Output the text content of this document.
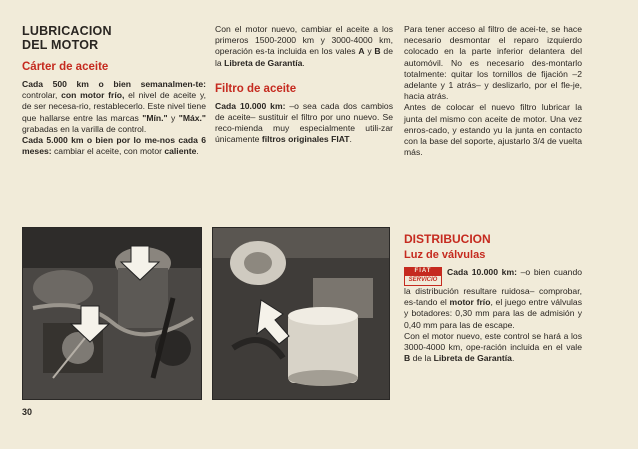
LUBRICACION
DEL MOTOR
Cárter de aceite

Cada 500 km o bien semanalmen-te: controlar, con motor frío, el nivel de aceite y, de ser necesa-rio, restablecerlo. Este nivel tiene que hallarse entre las marcas "Mín." y "Máx." grabadas en la varilla de control.

Cada 5.000 km o bien por lo me-nos cada 6 meses: cambiar el aceite, con motor caliente.

Con el motor nuevo, cambiar el aceite a los primeros 1500-2000 km y 3000-4000 km, operación es-ta incluida en los vales A y B de la Libreta de Garantía.

Filtro de aceite

Cada 10.000 km: –o sea cada dos cambios de aceite– sustituir el filtro por uno nuevo. Se reco-mienda muy especialmente utili-zar únicamente filtros originales FIAT.

Para tener acceso al filtro de acei-te, se hace necesario desmontar el reparo izquierdo colocado en la parte inferior delantera del automóvil. No es necesario des-montarlo totalmente: quitar los tornillos de fijación –2 adelante y 1 atrás– y deslizarlo, por el fle-je, hacia atrás.

Antes de colocar el nuevo filtro lubricar la junta del mismo con aceite de motor. Una vez enros-cado, y estando yu la junta en contacto con la base del soporte, ajustarlo 3/4 de vuelta más.

DISTRIBUCION
Luz de válvulas

FIAT
SERVICIO
Cada 10.000 km: –o bien cuando la distribución resultare ruidosa– comprobar, es-tando el motor frío, el juego entre válvulas y botadores: 0,30 mm para las de admisión y 0,40 mm para las de escape.

Con el motor nuevo, este control se hará a los 3000-4000 km, ope-ración incluida en el vale B de la Libreta de Garantía.

30
